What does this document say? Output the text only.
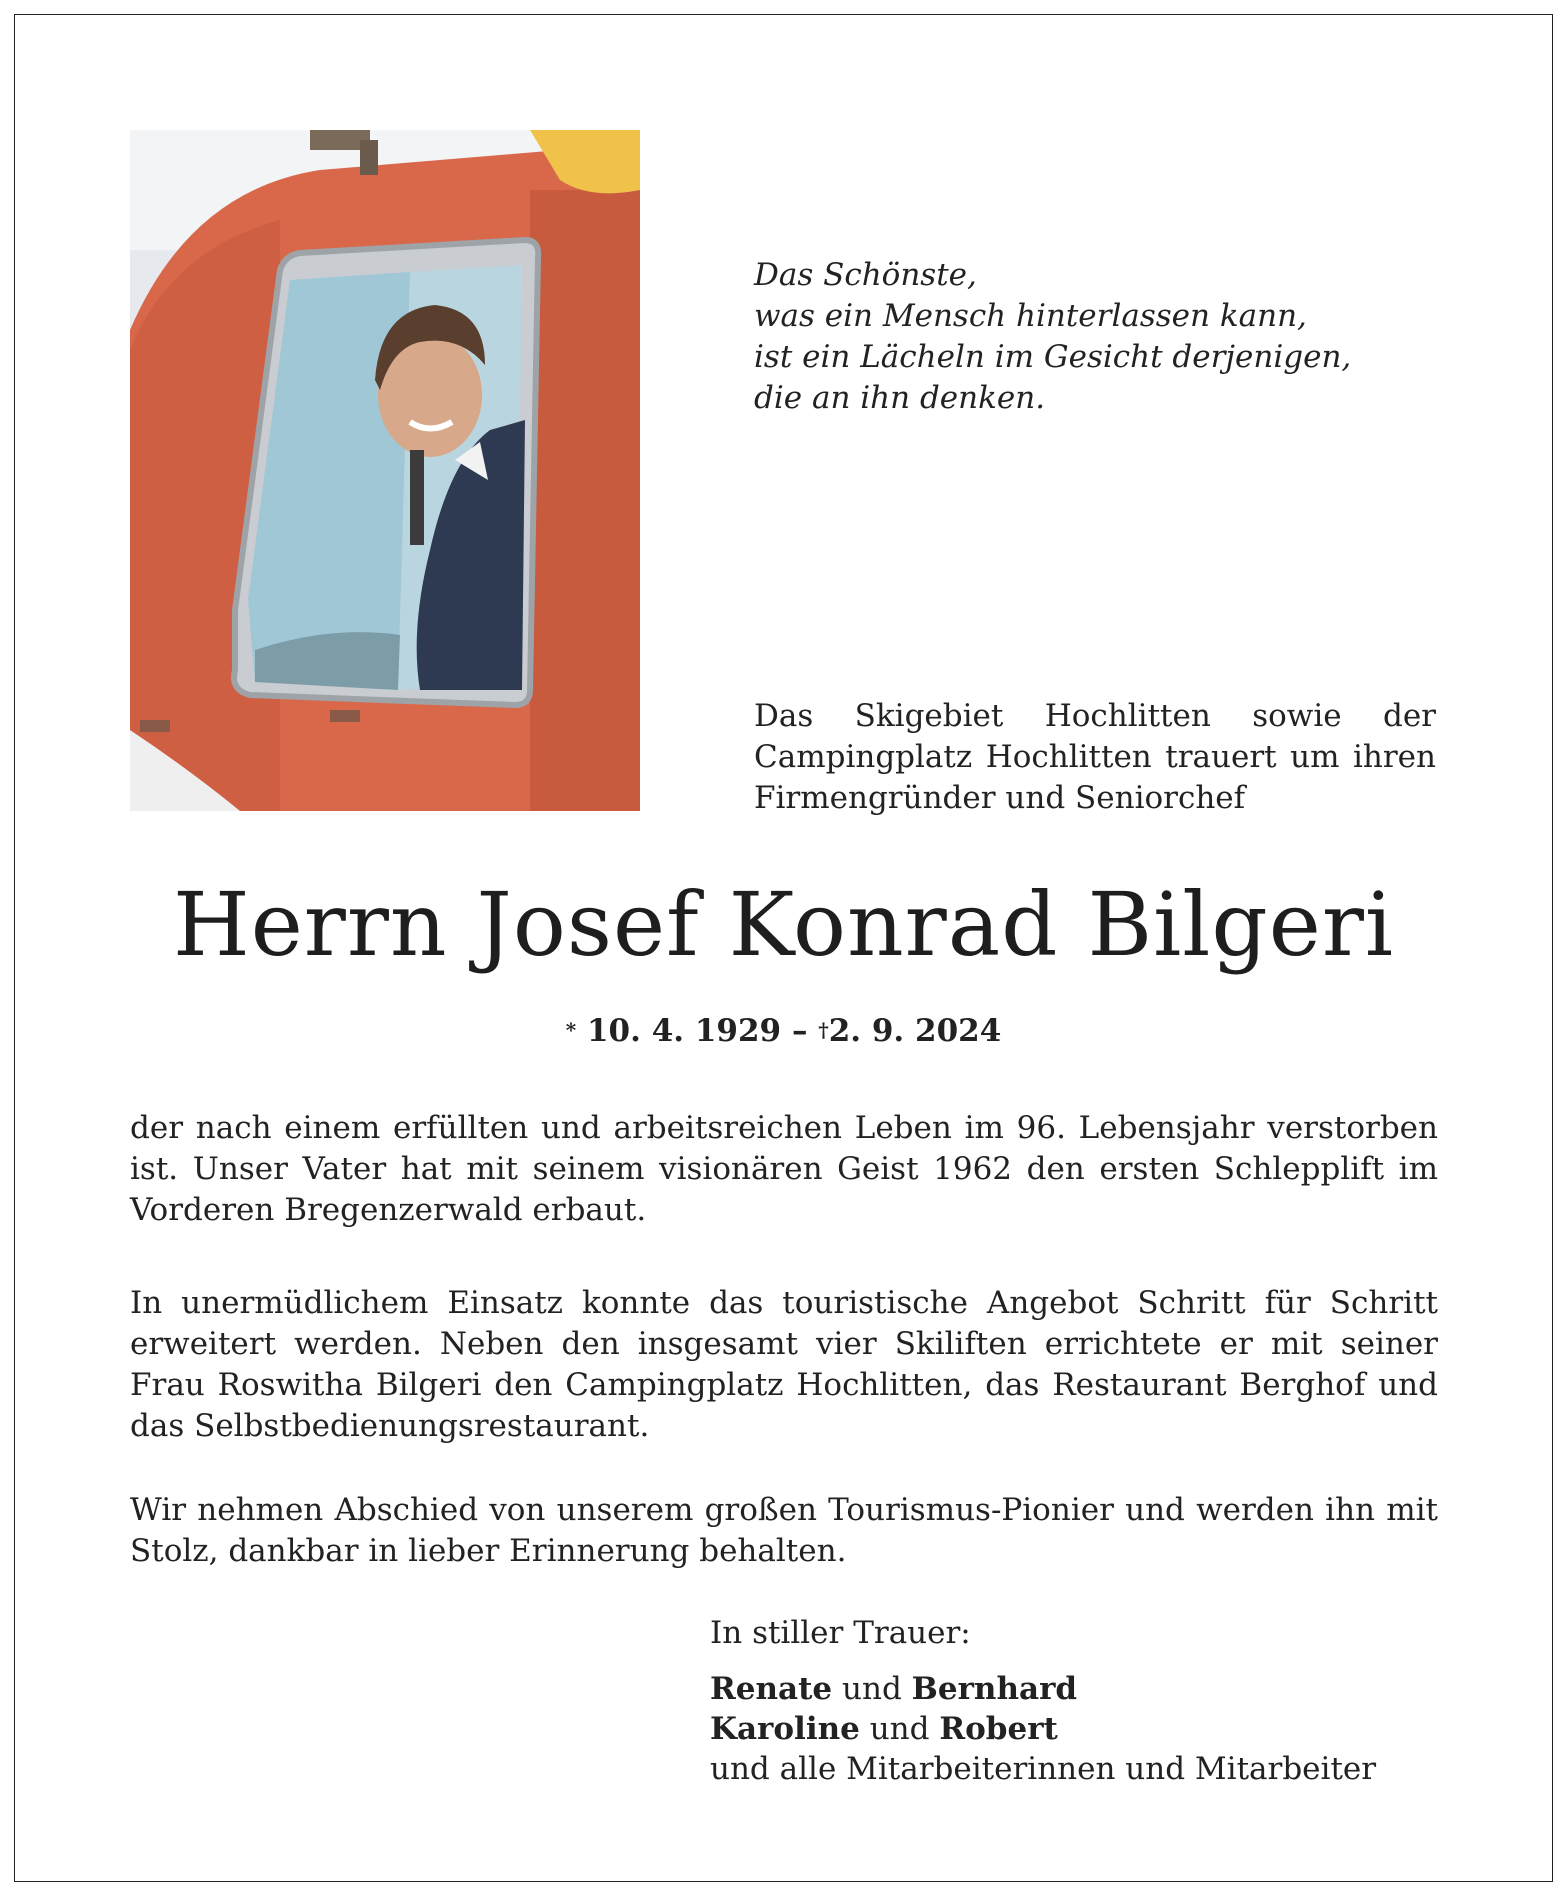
Das Schönste,
was ein Mensch hinterlassen kann,
ist ein Lächeln im Gesicht derjenigen,
die an ihn denken.
Das Skigebiet Hochlitten sowie der Campingplatz Hochlitten trauert um ihren Firmengründer und Seniorchef
Herrn Josef Konrad Bilgeri
* 10. 4. 1929 – †2. 9. 2024
der nach einem erfüllten und arbeitsreichen Leben im 96. Lebensjahr verstorben ist. Unser Vater hat mit seinem visionären Geist 1962 den ersten Schlepplift im Vorderen Bregenzerwald erbaut.
In unermüdlichem Einsatz konnte das touristische Angebot Schritt für Schritt erweitert werden. Neben den insgesamt vier Skiliften errichtete er mit seiner Frau Roswitha Bilgeri den Campingplatz Hochlitten, das Restaurant Berghof und das Selbstbedienungsrestaurant.
Wir nehmen Abschied von unserem großen Tourismus-Pionier und werden ihn mit Stolz, dankbar in lieber Erinnerung behalten.
In stiller Trauer:
Renate und Bernhard
Karoline und Robert
und alle Mitarbeiterinnen und Mitarbeiter
